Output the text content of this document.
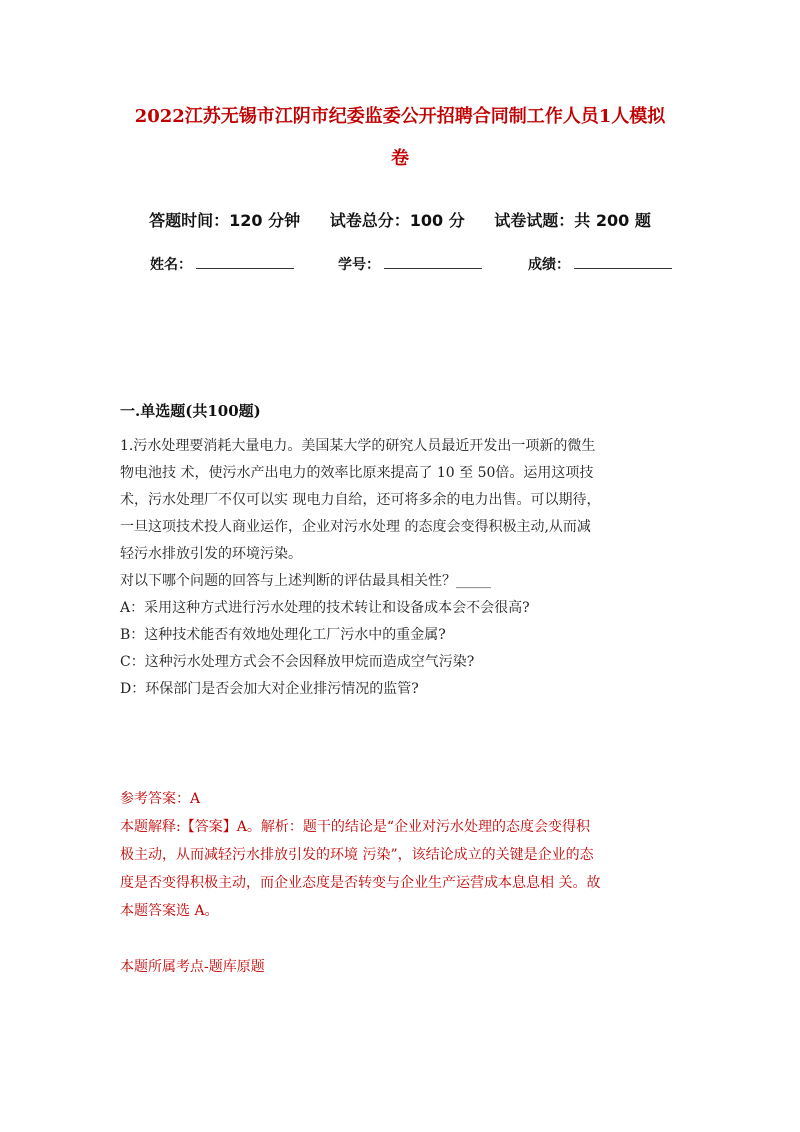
2022江苏无锡市江阴市纪委监委公开招聘合同制工作人员1人模拟
卷
答题时间：120 分钟 试卷总分：100 分 试卷试题：共 200 题
姓名：	学号：	成绩：
一.单选题(共100题)
1.污水处理要消耗大量电力。美国某大学的研究人员最近开发出一项新的微生
物电池技 术，使污水产出电力的效率比原来提高了 10 至 50倍。运用这项技
术，污水处理厂不仅可以实 现电力自给，还可将多余的电力出售。可以期待，
一旦这项技术投人商业运作，企业对污水处理 的态度会变得积极主动,从而减
轻污水排放引发的环境污染。
对以下哪个问题的回答与上述判断的评估最具相关性？_____
A：采用这种方式进行污水处理的技术转让和设备成本会不会很高?
B：这种技术能否有效地处理化工厂污水中的重金属?
C：这种污水处理方式会不会因释放甲烷而造成空气污染?
D：环保部门是否会加大对企业排污情况的监管?
参考答案：A
本题解释:【答案】A。解析：题干的结论是“企业对污水处理的态度会变得积
极主动，从而减轻污水排放引发的环境 污染”，该结论成立的关键是企业的态
度是否变得积极主动，而企业态度是否转变与企业生产运营成本息息相 关。故
本题答案选 A。
本题所属考点-题库原题
